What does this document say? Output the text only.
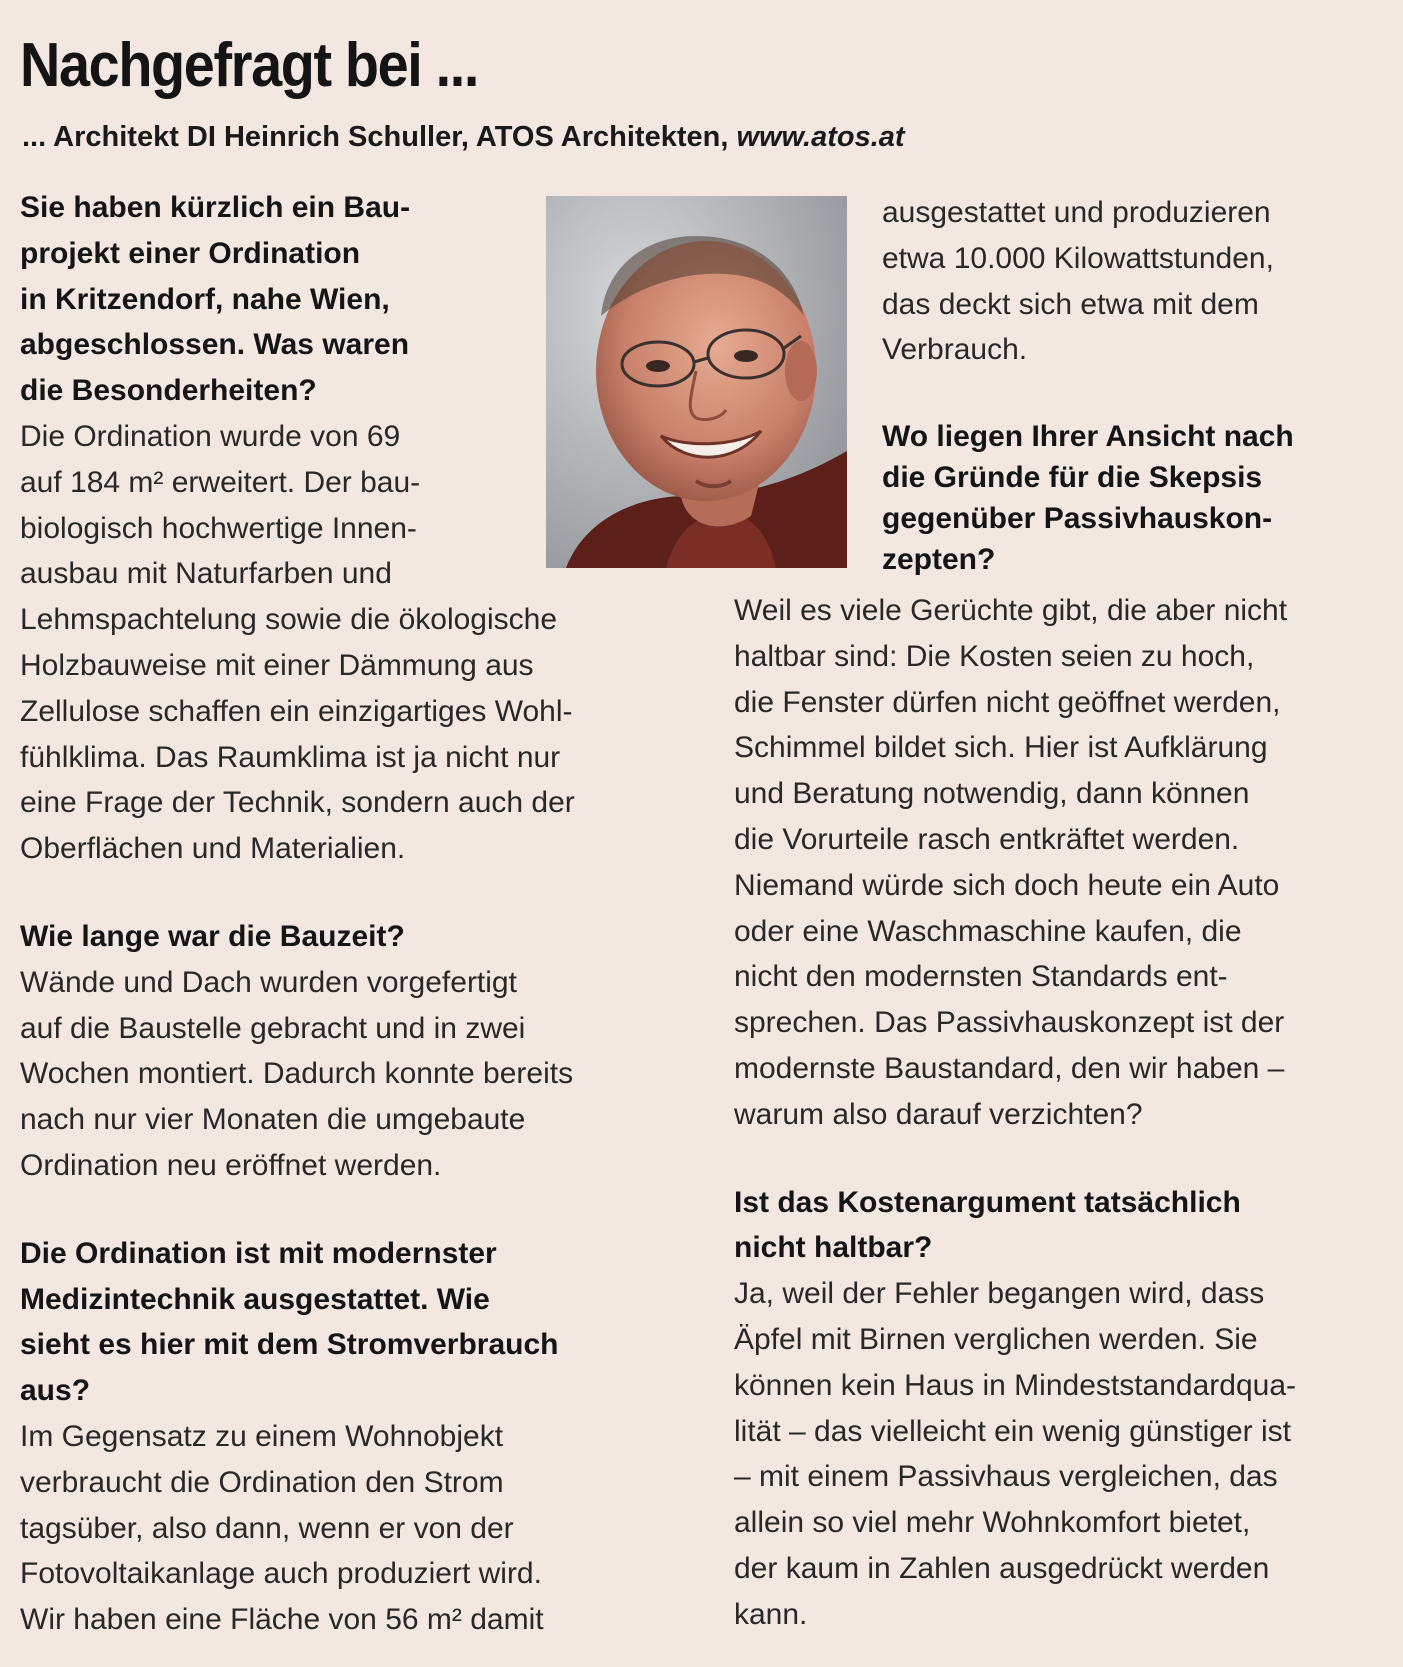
Nachgefragt bei ...
... Architekt DI Heinrich Schuller, ATOS Architekten, www.atos.at

Sie haben kürzlich ein Bau-

projekt einer Ordination

in Kritzendorf, nahe Wien,

abgeschlossen. Was waren

die Besonderheiten?

Die Ordination wurde von 69

auf 184 m² erweitert. Der bau-

biologisch hochwertige Innen-

ausbau mit Naturfarben und

Lehmspachtelung sowie die ökologische

Holzbauweise mit einer Dämmung aus

Zellulose schaffen ein einzigartiges Wohl-

fühlklima. Das Raumklima ist ja nicht nur

eine Frage der Technik, sondern auch der

Oberflächen und Materialien.

Wie lange war die Bauzeit?

Wände und Dach wurden vorgefertigt

auf die Baustelle gebracht und in zwei

Wochen montiert. Dadurch konnte bereits

nach nur vier Monaten die umgebaute

Ordination neu eröffnet werden.

Die Ordination ist mit modernster

Medizintechnik ausgestattet. Wie

sieht es hier mit dem Stromverbrauch

aus?

Im Gegensatz zu einem Wohnobjekt

verbraucht die Ordination den Strom

tagsüber, also dann, wenn er von der

Fotovoltaikanlage auch produziert wird.

Wir haben eine Fläche von 56 m² damit

ausgestattet und produzieren

etwa 10.000 Kilowattstunden,

das deckt sich etwa mit dem

Verbrauch.

Wo liegen Ihrer Ansicht nach

die Gründe für die Skepsis

gegenüber Passivhauskon-

zepten?

Weil es viele Gerüchte gibt, die aber nicht

haltbar sind: Die Kosten seien zu hoch,

die Fenster dürfen nicht geöffnet werden,

Schimmel bildet sich. Hier ist Aufklärung

und Beratung notwendig, dann können

die Vorurteile rasch entkräftet werden.

Niemand würde sich doch heute ein Auto

oder eine Waschmaschine kaufen, die

nicht den modernsten Standards ent-

sprechen. Das Passivhauskonzept ist der

modernste Baustandard, den wir haben –

warum also darauf verzichten?

Ist das Kostenargument tatsächlich

nicht haltbar?

Ja, weil der Fehler begangen wird, dass

Äpfel mit Birnen verglichen werden. Sie

können kein Haus in Mindeststandardqua-

lität – das vielleicht ein wenig günstiger ist

– mit einem Passivhaus vergleichen, das

allein so viel mehr Wohnkomfort bietet,

der kaum in Zahlen ausgedrückt werden

kann.
